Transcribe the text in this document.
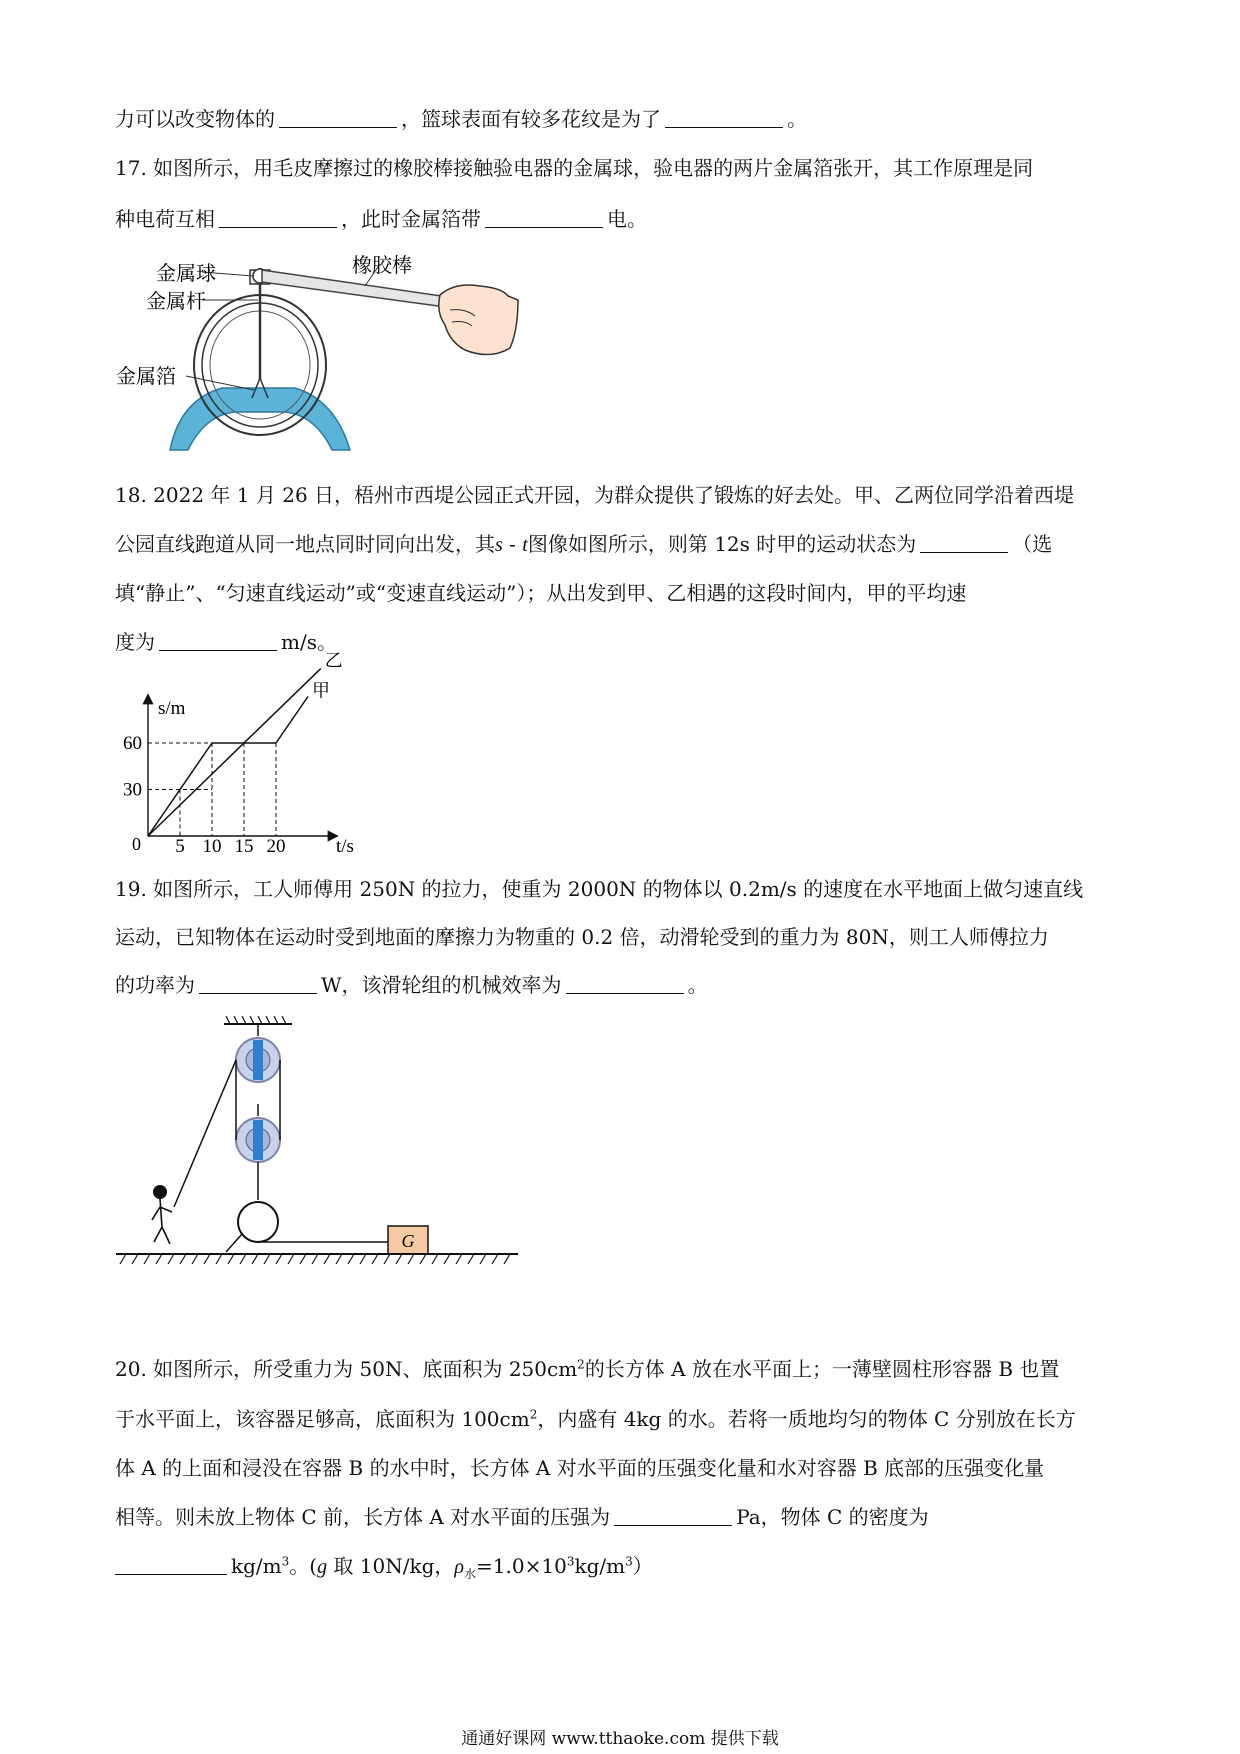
力可以改变物体的	，篮球表面有较多花纹是为了	。
17. 如图所示，用毛皮摩擦过的橡胶棒接触验电器的金属球，验电器的两片金属箔张开，其工作原理是同
种电荷互相	，此时金属箔带	电。
金属球
金属杆
金属箔
橡胶棒
18. 2022 年 1 月 26 日，梧州市西堤公园正式开园，为群众提供了锻炼的好去处。甲、乙两位同学沿着西堤
公园直线跑道从同一地点同时同向出发，其s - t图像如图所示，则第 12s 时甲的运动状态为	（选
填“静止”、“匀速直线运动”或“变速直线运动”）；从出发到甲、乙相遇的这段时间内，甲的平均速
度为	m/s。
s/m
t/s
0 5 10 15 20
30
60
甲
乙
19. 如图所示，工人师傅用 250N 的拉力，使重为 2000N 的物体以 0.2m/s 的速度在水平地面上做匀速直线
运动，已知物体在运动时受到地面的摩擦力为物重的 0.2 倍，动滑轮受到的重力为 80N，则工人师傅拉力
的功率为	W，该滑轮组的机械效率为	。
G
20. 如图所示，所受重力为 50N、底面积为 $250cm^2$的长方体 A 放在水平面上；一薄壁圆柱形容器 B 也置
于水平面上，该容器足够高，底面积为 $100cm^2$，内盛有 4kg 的水。若将一质地均匀的物体 C 分别放在长方
体 A 的上面和浸没在容器 B 的水中时，长方体 A 对水平面的压强变化量和水对容器 B 底部的压强变化量
相等。则未放上物体 C 前，长方体 A 对水平面的压强为	Pa，物体 C 的密度为
$kg/m^3$。(g 取 10N/kg，$\rho_水=1.0\times 10^3kg/m^3$）
通通好课网 www.tthaoke.com 提供下载
